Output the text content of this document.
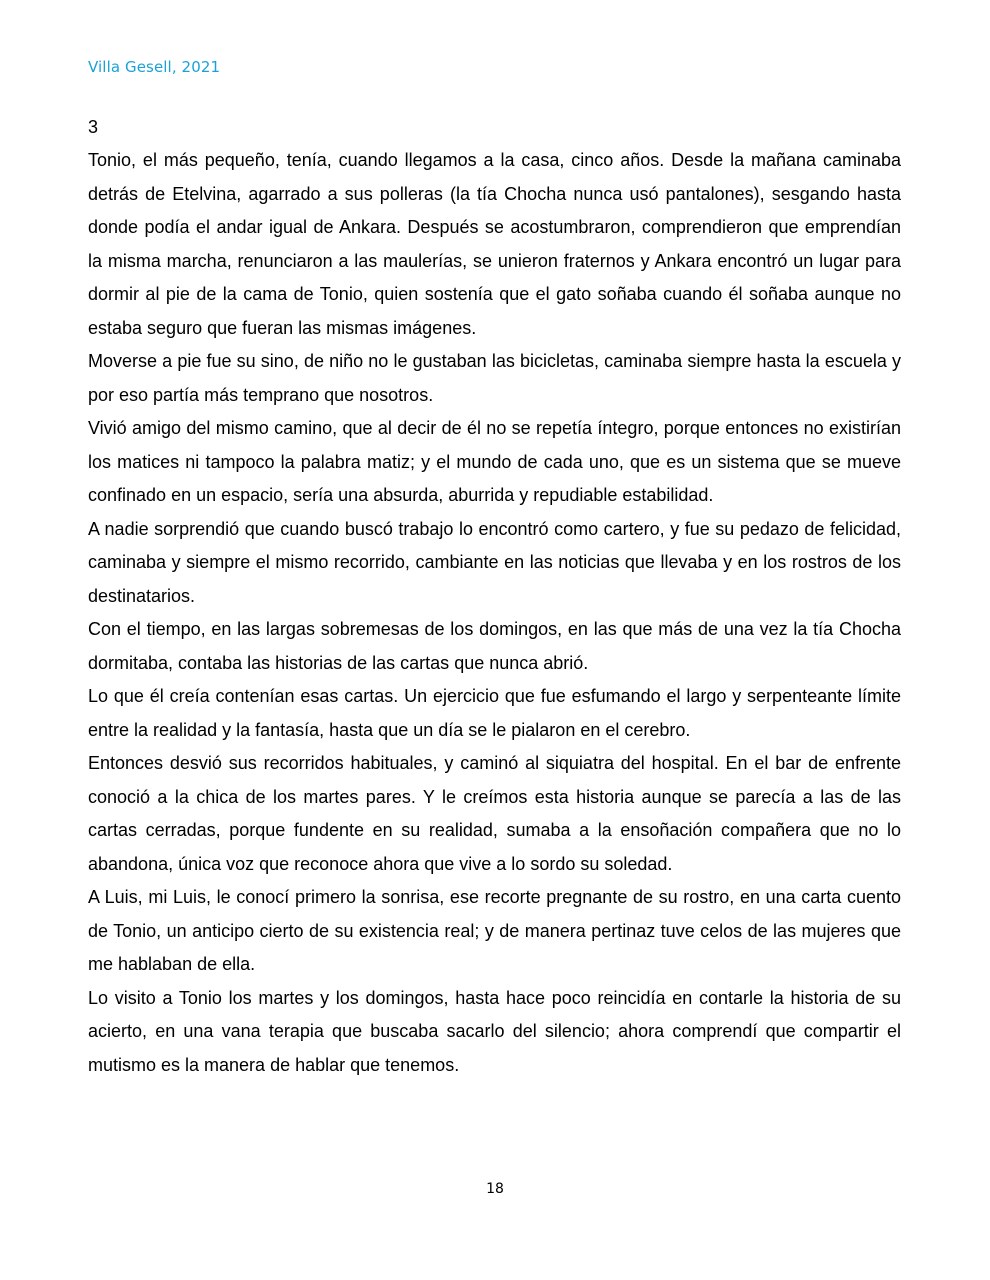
Villa Gesell, 2021
3

Tonio, el más pequeño, tenía, cuando llegamos a la casa, cinco años. Desde la mañana caminaba detrás de Etelvina, agarrado a sus polleras (la tía Chocha nunca usó pantalones), sesgando hasta donde podía el andar igual de Ankara. Después se acostumbraron, comprendieron que emprendían la misma marcha, renunciaron a las maulerías, se unieron fraternos y Ankara encontró un lugar para dormir al pie de la cama de Tonio, quien sostenía que el gato soñaba cuando él soñaba aunque no estaba seguro que fueran las mismas imágenes.

Moverse a pie fue su sino, de niño no le gustaban las bicicletas, caminaba siempre hasta la escuela y por eso partía más temprano que nosotros.

Vivió amigo del mismo camino, que al decir de él no se repetía íntegro, porque entonces no existirían los matices ni tampoco la palabra matiz; y el mundo de cada uno, que es un sistema que se mueve confinado en un espacio, sería una absurda, aburrida y repudiable estabilidad.

A nadie sorprendió que cuando buscó trabajo lo encontró como cartero, y fue su pedazo de felicidad, caminaba y siempre el mismo recorrido, cambiante en las noticias que llevaba y en los rostros de los destinatarios.

Con el tiempo, en las largas sobremesas de los domingos, en las que más de una vez la tía Chocha dormitaba, contaba las historias de las cartas que nunca abrió.

Lo que él creía contenían esas cartas. Un ejercicio que fue esfumando el largo y serpenteante límite entre la realidad y la fantasía, hasta que un día se le pialaron en el cerebro.

Entonces desvió sus recorridos habituales, y caminó al siquiatra del hospital. En el bar de enfrente conoció a la chica de los martes pares. Y le creímos esta historia aunque se parecía a las de las cartas cerradas, porque fundente en su realidad, sumaba a la ensoñación compañera que no lo abandona, única voz que reconoce ahora que vive a lo sordo su soledad.

A Luis, mi Luis, le conocí primero la sonrisa, ese recorte pregnante de su rostro, en una carta cuento de Tonio, un anticipo cierto de su existencia real; y de manera pertinaz tuve celos de las mujeres que me hablaban de ella.

Lo visito a Tonio los martes y los domingos, hasta hace poco reincidía en contarle la historia de su acierto, en una vana terapia que buscaba sacarlo del silencio; ahora comprendí que compartir el mutismo es la manera de hablar que tenemos.

18
